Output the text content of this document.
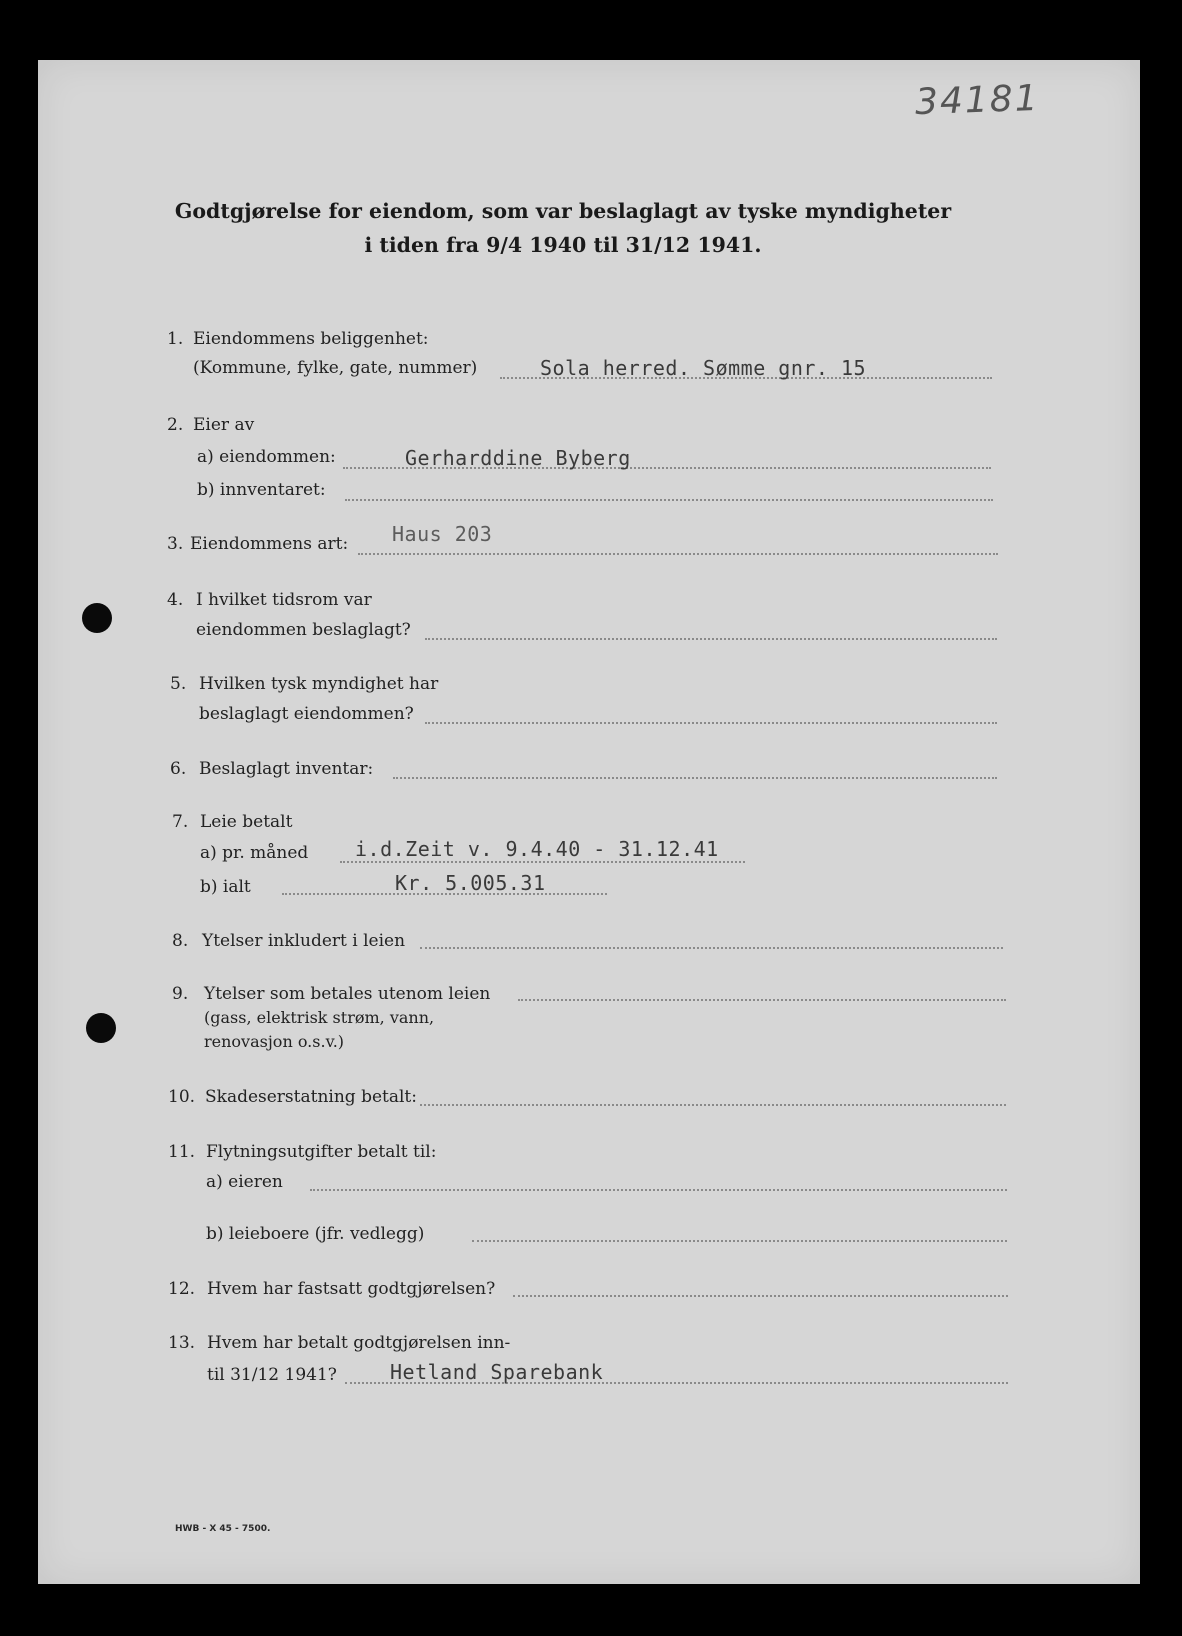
34181
Godtgjørelse for eiendom, som var beslaglagt av tyske myndigheter
i tiden fra 9/4 1940 til 31/12 1941.
1. Eiendommens beliggenhet:
(Kommune, fylke, gate, nummer)	Sola herred. Sømme gnr. 15
2. Eier av
a) eiendommen:	Gerharddine Byberg
b) innventaret:
3. Eiendommens art: Haus 203
4. I hvilket tidsrom var
eiendommen beslaglagt?
5. Hvilken tysk myndighet har
beslaglagt eiendommen?
6. Beslaglagt inventar:
7. Leie betalt
a) pr. måned i.d.Zeit v. 9.4.40 - 31.12.41
b) ialt	Kr. 5.005.31
8. Ytelser inkludert i leien
9. Ytelser som betales utenom leien
(gass, elektrisk strøm, vann,
renovasjon o.s.v.)
10. Skadeserstatning betalt:
11. Flytningsutgifter betalt til:
a) eieren
b) leieboere (jfr. vedlegg)
12. Hvem har fastsatt godtgjørelsen?
13. Hvem har betalt godtgjørelsen inn-
til 31/12 1941?	Hetland Sparebank
HWB - X 45 - 7500.
